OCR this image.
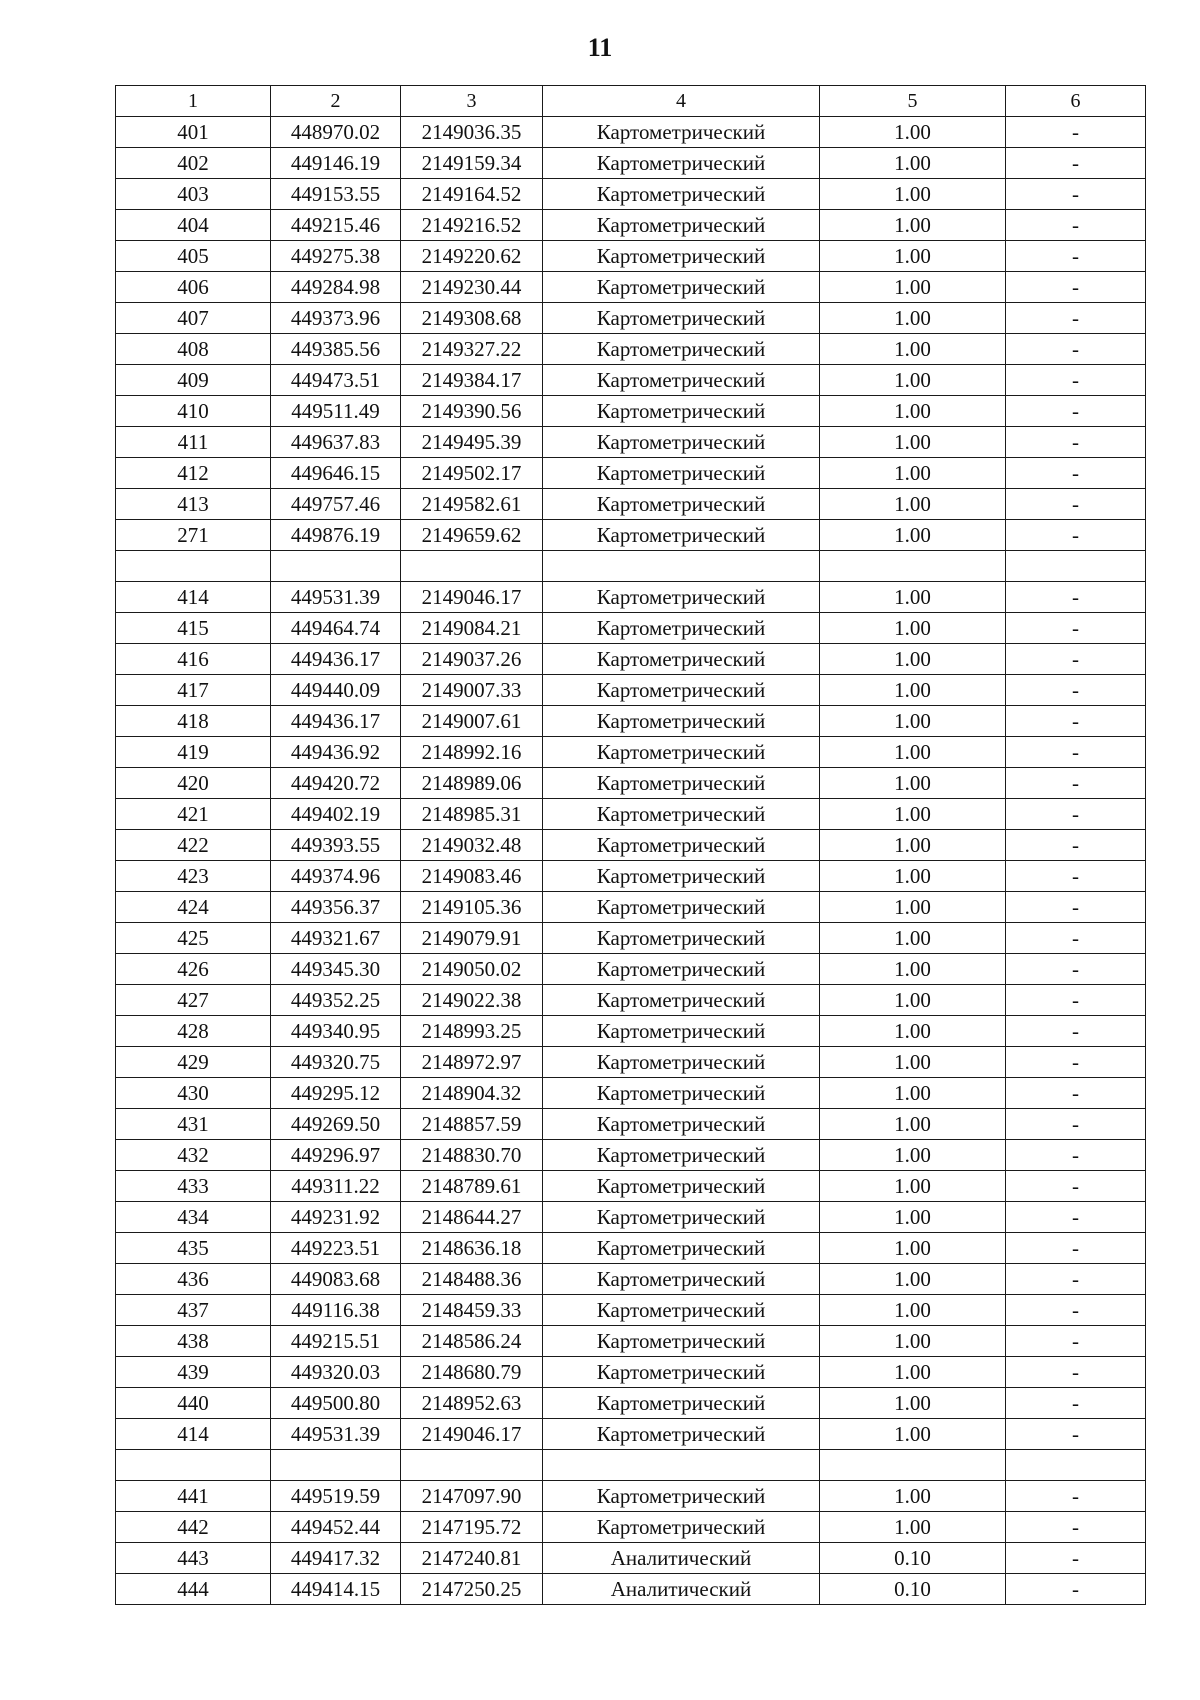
11
1	2	3	4	5	6
401	448970.02	2149036.35	Картометрический	1.00	-
402	449146.19	2149159.34	Картометрический	1.00	-
403	449153.55	2149164.52	Картометрический	1.00	-
404	449215.46	2149216.52	Картометрический	1.00	-
405	449275.38	2149220.62	Картометрический	1.00	-
406	449284.98	2149230.44	Картометрический	1.00	-
407	449373.96	2149308.68	Картометрический	1.00	-
408	449385.56	2149327.22	Картометрический	1.00	-
409	449473.51	2149384.17	Картометрический	1.00	-
410	449511.49	2149390.56	Картометрический	1.00	-
411	449637.83	2149495.39	Картометрический	1.00	-
412	449646.15	2149502.17	Картометрический	1.00	-
413	449757.46	2149582.61	Картометрический	1.00	-
271	449876.19	2149659.62	Картометрический	1.00	-

414	449531.39	2149046.17	Картометрический	1.00	-
415	449464.74	2149084.21	Картометрический	1.00	-
416	449436.17	2149037.26	Картометрический	1.00	-
417	449440.09	2149007.33	Картометрический	1.00	-
418	449436.17	2149007.61	Картометрический	1.00	-
419	449436.92	2148992.16	Картометрический	1.00	-
420	449420.72	2148989.06	Картометрический	1.00	-
421	449402.19	2148985.31	Картометрический	1.00	-
422	449393.55	2149032.48	Картометрический	1.00	-
423	449374.96	2149083.46	Картометрический	1.00	-
424	449356.37	2149105.36	Картометрический	1.00	-
425	449321.67	2149079.91	Картометрический	1.00	-
426	449345.30	2149050.02	Картометрический	1.00	-
427	449352.25	2149022.38	Картометрический	1.00	-
428	449340.95	2148993.25	Картометрический	1.00	-
429	449320.75	2148972.97	Картометрический	1.00	-
430	449295.12	2148904.32	Картометрический	1.00	-
431	449269.50	2148857.59	Картометрический	1.00	-
432	449296.97	2148830.70	Картометрический	1.00	-
433	449311.22	2148789.61	Картометрический	1.00	-
434	449231.92	2148644.27	Картометрический	1.00	-
435	449223.51	2148636.18	Картометрический	1.00	-
436	449083.68	2148488.36	Картометрический	1.00	-
437	449116.38	2148459.33	Картометрический	1.00	-
438	449215.51	2148586.24	Картометрический	1.00	-
439	449320.03	2148680.79	Картометрический	1.00	-
440	449500.80	2148952.63	Картометрический	1.00	-
414	449531.39	2149046.17	Картометрический	1.00	-

441	449519.59	2147097.90	Картометрический	1.00	-
442	449452.44	2147195.72	Картометрический	1.00	-
443	449417.32	2147240.81	Аналитический	0.10	-
444	449414.15	2147250.25	Аналитический	0.10	-
